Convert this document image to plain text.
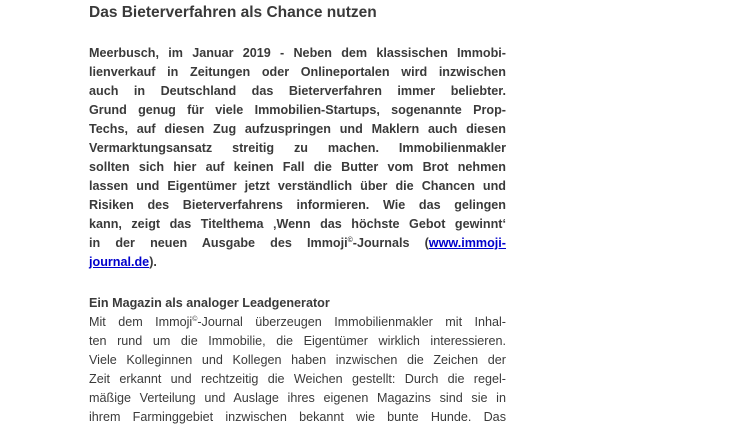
Das Bieterverfahren als Chance nutzen
Meerbusch, im Januar 2019 - Neben dem klassischen Immobi-
lienverkauf in Zeitungen oder Onlineportalen wird inzwischen
auch in Deutschland das Bieterverfahren immer beliebter.
Grund genug für viele Immobilien-Startups, sogenannte Prop-
Techs, auf diesen Zug aufzuspringen und Maklern auch diesen
Vermarktungsansatz streitig zu machen. Immobilienmakler
sollten sich hier auf keinen Fall die Butter vom Brot nehmen
lassen und Eigentümer jetzt verständlich über die Chancen und
Risiken des Bieterverfahrens informieren. Wie das gelingen
kann, zeigt das Titelthema ‚Wenn das höchste Gebot gewinnt‘
in der neuen Ausgabe des Immoji©-Journals (www.immoji-
journal.de).
Ein Magazin als analoger Leadgenerator
Mit dem Immoji©-Journal überzeugen Immobilienmakler mit Inhal-
ten rund um die Immobilie, die Eigentümer wirklich interessieren.
Viele Kolleginnen und Kollegen haben inzwischen die Zeichen der
Zeit erkannt und rechtzeitig die Weichen gestellt: Durch die regel-
mäßige Verteilung und Auslage ihres eigenen Magazins sind sie in
ihrem Farminggebiet inzwischen bekannt wie bunte Hunde. Das
